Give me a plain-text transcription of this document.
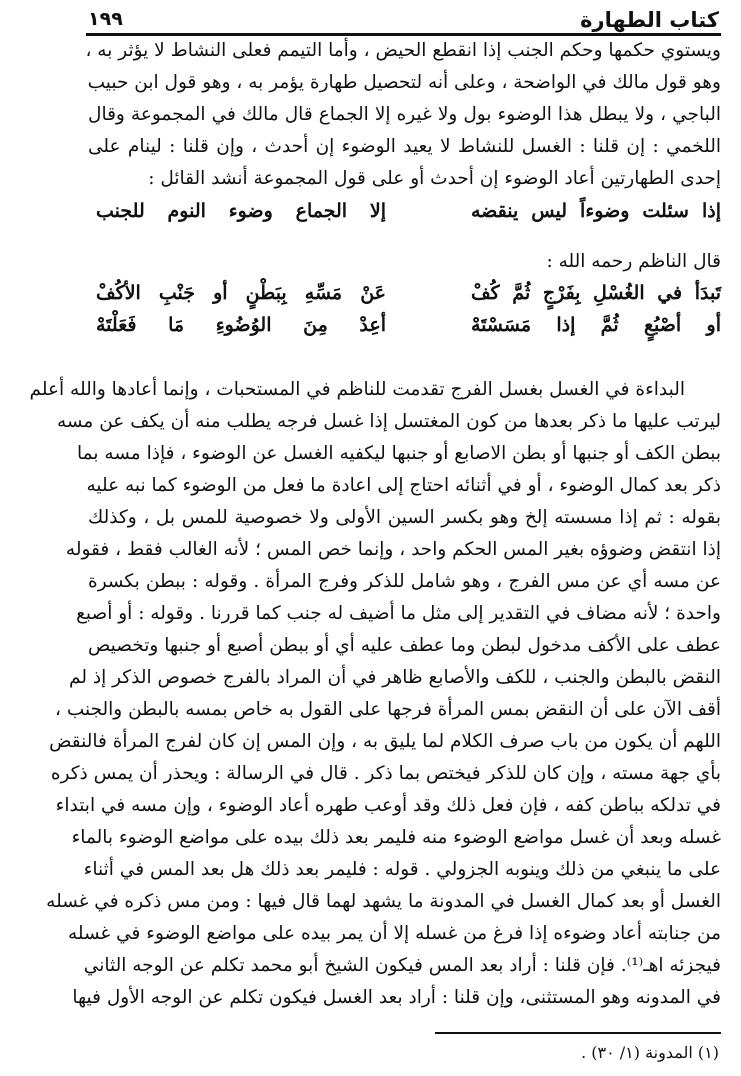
كتاب الطهارة
١٩٩
ويستوي حكمها وحكم الجنب إذا انقطع الحيض ، وأما التيمم فعلى النشاط لا يؤثر به ،
وهو قول مالك في الواضحة ، وعلى أنه لتحصيل طهارة يؤمر به ، وهو قول ابن حبيب
الباجي ، ولا يبطل هذا الوضوء بول ولا غيره إلا الجماع قال مالك في المجموعة وقال
اللخمي : إن قلنا : الغسل للنشاط لا يعيد الوضوء إن أحدث ، وإن قلنا : لينام على
إحدى الطهارتين أعاد الوضوء إن أحدث أو على قول المجموعة أنشد القائل :
إذا سئلت وضوءاً ليس ينقضه
إلا الجماع وضوء النوم للجنب
قال الناظم رحمه الله :
تَبدَأ في الغُسْلِ بِفَرْجٍ ثُمَّ كُفْ
عَنْ مَسِّهِ بِبَطْنٍ أو جَنْبِ الأكُفْ
أو أصْبُعٍ ثُمَّ إذا مَسَسْتَهْ
أعِدْ مِنَ الوُضُوءِ مَا فَعَلْتَهْ
البداءة في الغسل بغسل الفرج تقدمت للناظم في المستحبات ، وإنما أعادها والله أعلم
ليرتب عليها ما ذكر بعدها من كون المغتسل إذا غسل فرجه يطلب منه أن يكف عن مسه
ببطن الكف أو جنبها أو بطن الاصابع أو جنبها ليكفيه الغسل عن الوضوء ، فإذا مسه بما
ذكر بعد كمال الوضوء ، أو في أثنائه احتاج إلى اعادة ما فعل من الوضوء كما نبه عليه
بقوله : ثم إذا مسسته إلخ وهو بكسر السين الأولى ولا خصوصية للمس بل ، وكذلك
إذا انتقض وضوؤه بغير المس الحكم واحد ، وإنما خص المس ؛ لأنه الغالب فقط ، فقوله
عن مسه أي عن مس الفرج ، وهو شامل للذكر وفرج المرأة . وقوله : ببطن بكسرة
واحدة ؛ لأنه مضاف في التقدير إلى مثل ما أضيف له جنب كما قررنا . وقوله : أو أصبع
عطف على الأكف مدخول لبطن وما عطف عليه أي أو ببطن أصبع أو جنبها وتخصيص
النقض بالبطن والجنب ، للكف والأصابع ظاهر في أن المراد بالفرج خصوص الذكر إذ لم
أقف الآن على أن النقض بمس المرأة فرجها على القول به خاص بمسه بالبطن والجنب ،
اللهم أن يكون من باب صرف الكلام لما يليق به ، وإن المس إن كان لفرج المرأة فالنقض
بأي جهة مسته ، وإن كان للذكر فيختص بما ذكر . قال في الرسالة : ويحذر أن يمس ذكره
في تدلكه بباطن كفه ، فإن فعل ذلك وقد أوعب طهره أعاد الوضوء ، وإن مسه في ابتداء
غسله وبعد أن غسل مواضع الوضوء منه فليمر بعد ذلك بيده على مواضع الوضوء بالماء
على ما ينبغي من ذلك وينوبه الجزولي . قوله : فليمر بعد ذلك هل بعد المس في أثناء
الغسل أو بعد كمال الغسل في المدونة ما يشهد لهما قال فيها : ومن مس ذكره في غسله
من جنابته أعاد وضوءه إذا فرغ من غسله إلا أن يمر بيده على مواضع الوضوء في غسله
فيجزئه اهـ⁽¹⁾. فإن قلنا : أراد بعد المس فيكون الشيخ أبو محمد تكلم عن الوجه الثاني
في المدونه وهو المستثنى، وإن قلنا : أراد بعد الغسل فيكون تكلم عن الوجه الأول فيها
(١) المدونة (١/ ٣٠) .
